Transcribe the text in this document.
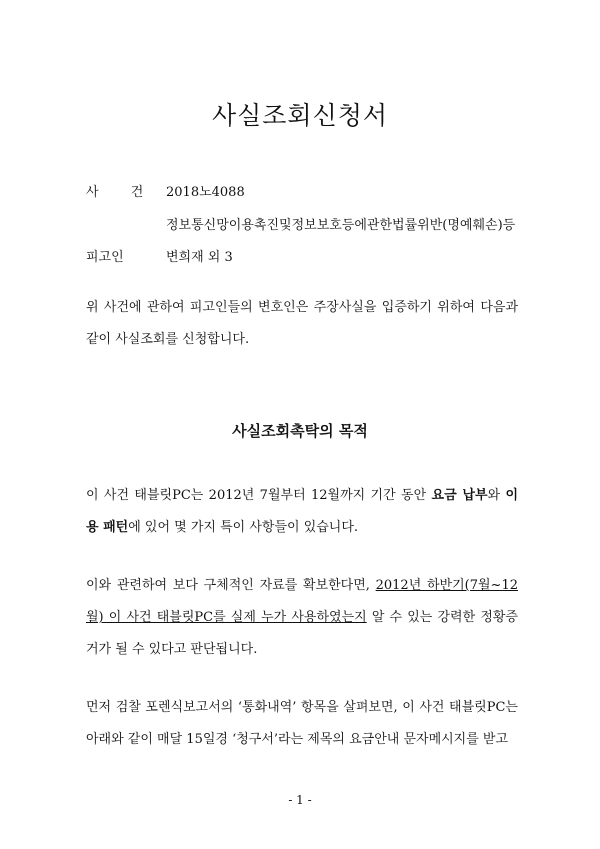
사실조회신청서
사 건 2018노4088
정보통신망이용촉진및정보보호등에관한법률위반(명예훼손)등
피고인	변희재 외 3
위 사건에 관하여 피고인들의 변호인은 주장사실을 입증하기 위하여 다음과 같이 사실조회를 신청합니다.
사실조회촉탁의 목적
이 사건 태블릿PC는 2012년 7월부터 12월까지 기간 동안 요금 납부와 이용 패턴에 있어 몇 가지 특이 사항들이 있습니다.
이와 관련하여 보다 구체적인 자료를 확보한다면, 2012년 하반기(7월~12월) 이 사건 태블릿PC를 실제 누가 사용하였는지 알 수 있는 강력한 정황증거가 될 수 있다고 판단됩니다.
먼저 검찰 포렌식보고서의 ‘통화내역’ 항목을 살펴보면, 이 사건 태블릿PC는 아래와 같이 매달 15일경 ‘청구서’라는 제목의 요금안내 문자메시지를 받고
- 1 -
